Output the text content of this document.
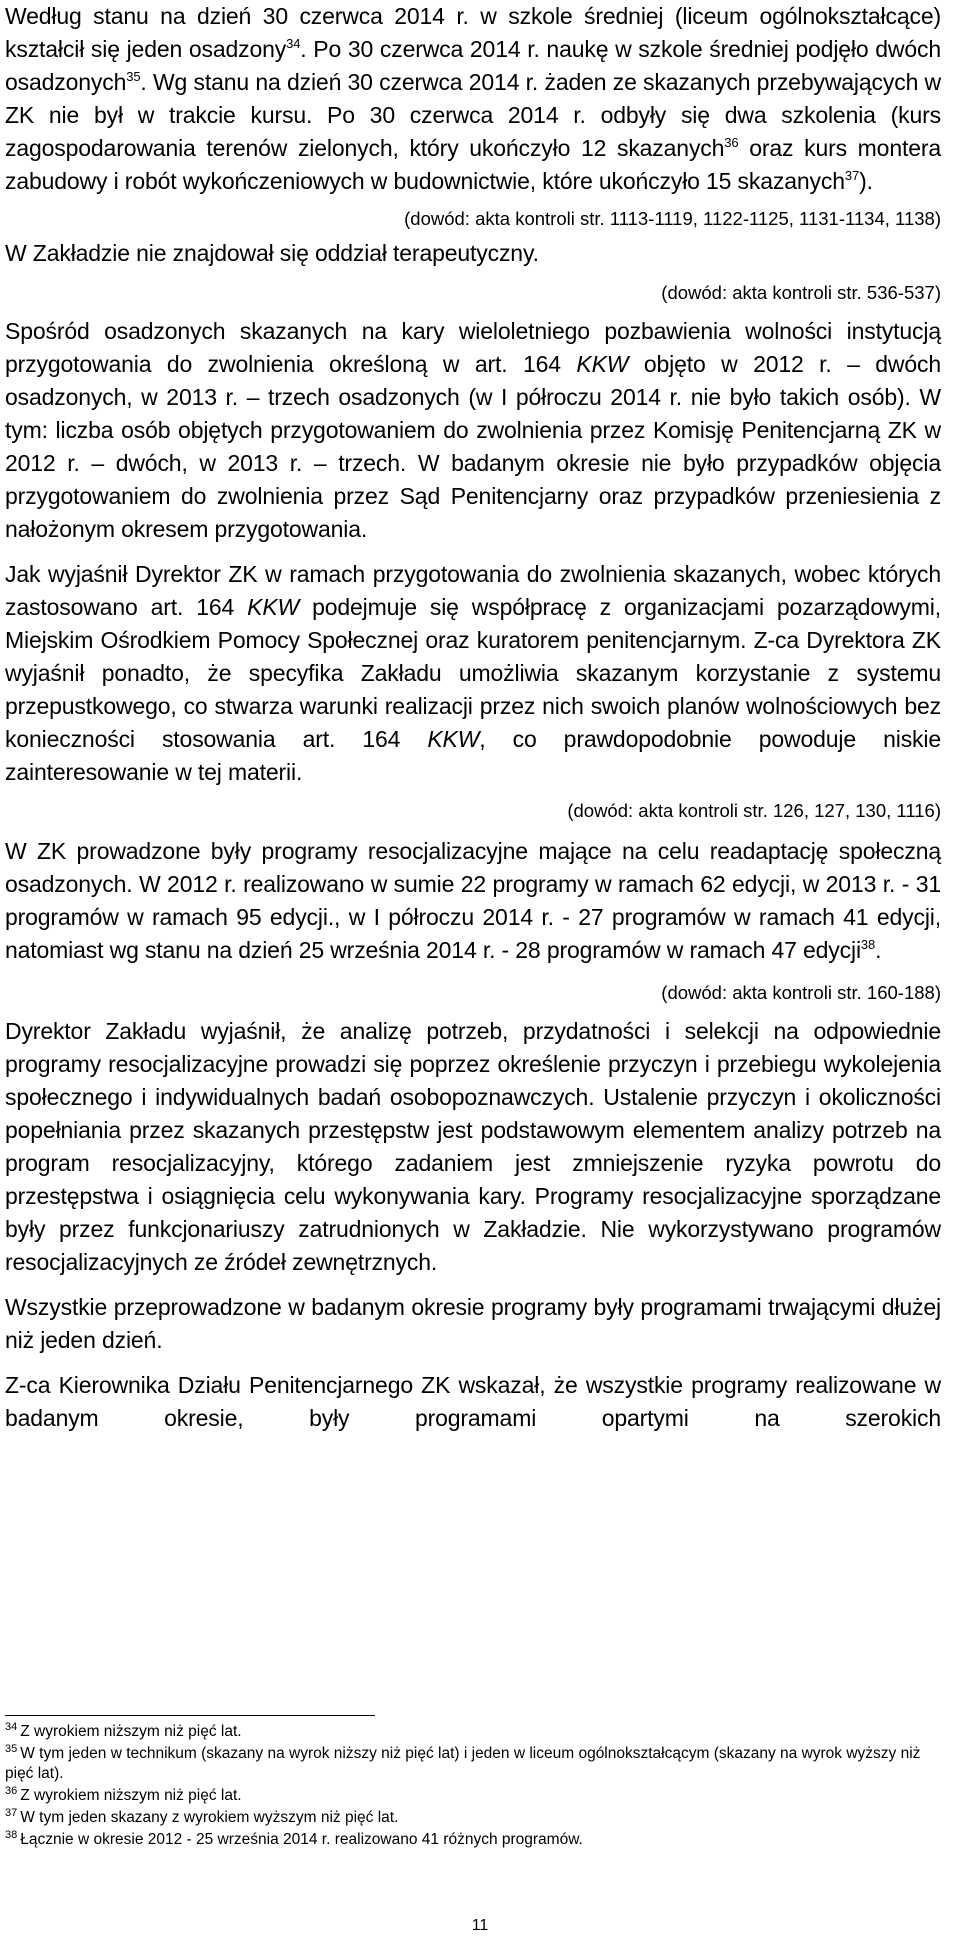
Według stanu na dzień 30 czerwca 2014 r. w szkole średniej (liceum ogólnokształcące) kształcił się jeden osadzony$^{34}$. Po 30 czerwca 2014 r. naukę w szkole średniej podjęło dwóch osadzonych$^{35}$. Wg stanu na dzień 30 czerwca 2014 r. żaden ze skazanych przebywających w ZK nie był w trakcie kursu. Po 30 czerwca 2014 r. odbyły się dwa szkolenia (kurs zagospodarowania terenów zielonych, który ukończyło 12 skazanych$^{36}$ oraz kurs montera zabudowy i robót wykończeniowych w budownictwie, które ukończyło 15 skazanych$^{37}$).

(dowód: akta kontroli str. 1113-1119, 1122-1125, 1131-1134, 1138)

W Zakładzie nie znajdował się oddział terapeutyczny.

(dowód: akta kontroli str. 536-537)

Spośród osadzonych skazanych na kary wieloletniego pozbawienia wolności instytucją przygotowania do zwolnienia określoną w art. 164 KKW objęto w 2012 r. – dwóch osadzonych, w 2013 r. – trzech osadzonych (w I półroczu 2014 r. nie było takich osób). W tym: liczba osób objętych przygotowaniem do zwolnienia przez Komisję Penitencjarną ZK w 2012 r. – dwóch, w 2013 r. – trzech. W badanym okresie nie było przypadków objęcia przygotowaniem do zwolnienia przez Sąd Penitencjarny oraz przypadków przeniesienia z nałożonym okresem przygotowania.

Jak wyjaśnił Dyrektor ZK w ramach przygotowania do zwolnienia skazanych, wobec których zastosowano art. 164 KKW podejmuje się współpracę z organizacjami pozarządowymi, Miejskim Ośrodkiem Pomocy Społecznej oraz kuratorem penitencjarnym. Z-ca Dyrektora ZK wyjaśnił ponadto, że specyfika Zakładu umożliwia skazanym korzystanie z systemu przepustkowego, co stwarza warunki realizacji przez nich swoich planów wolnościowych bez konieczności stosowania art. 164 KKW, co prawdopodobnie powoduje niskie zainteresowanie w tej materii.

(dowód: akta kontroli str. 126, 127, 130, 1116)

W ZK prowadzone były programy resocjalizacyjne mające na celu readaptację społeczną osadzonych. W 2012 r. realizowano w sumie 22 programy w ramach 62 edycji, w 2013 r. - 31 programów w ramach 95 edycji., w I półroczu 2014 r. - 27 programów w ramach 41 edycji, natomiast wg stanu na dzień 25 września 2014 r. - 28 programów w ramach 47 edycji$^{38}$.

(dowód: akta kontroli str. 160-188)

Dyrektor Zakładu wyjaśnił, że analizę potrzeb, przydatności i selekcji na odpowiednie programy resocjalizacyjne prowadzi się poprzez określenie przyczyn i przebiegu wykolejenia społecznego i indywidualnych badań osobopoznawczych. Ustalenie przyczyn i okoliczności popełniania przez skazanych przestępstw jest podstawowym elementem analizy potrzeb na program resocjalizacyjny, którego zadaniem jest zmniejszenie ryzyka powrotu do przestępstwa i osiągnięcia celu wykonywania kary. Programy resocjalizacyjne sporządzane były przez funkcjonariuszy zatrudnionych w Zakładzie. Nie wykorzystywano programów resocjalizacyjnych ze źródeł zewnętrznych.

Wszystkie przeprowadzone w badanym okresie programy były programami trwającymi dłużej niż jeden dzień.

Z-ca Kierownika Działu Penitencjarnego ZK wskazał, że wszystkie programy realizowane w badanym okresie, były programami opartymi na szerokich

$^{34}$ Z wyrokiem niższym niż pięć lat.

$^{35}$ W tym jeden w technikum (skazany na wyrok niższy niż pięć lat) i jeden w liceum ogólnokształcącym (skazany na wyrok wyższy niż pięć lat).

$^{36}$ Z wyrokiem niższym niż pięć lat.

$^{37}$ W tym jeden skazany z wyrokiem wyższym niż pięć lat.

$^{38}$ Łącznie w okresie 2012 - 25 września 2014 r. realizowano 41 różnych programów.

11
